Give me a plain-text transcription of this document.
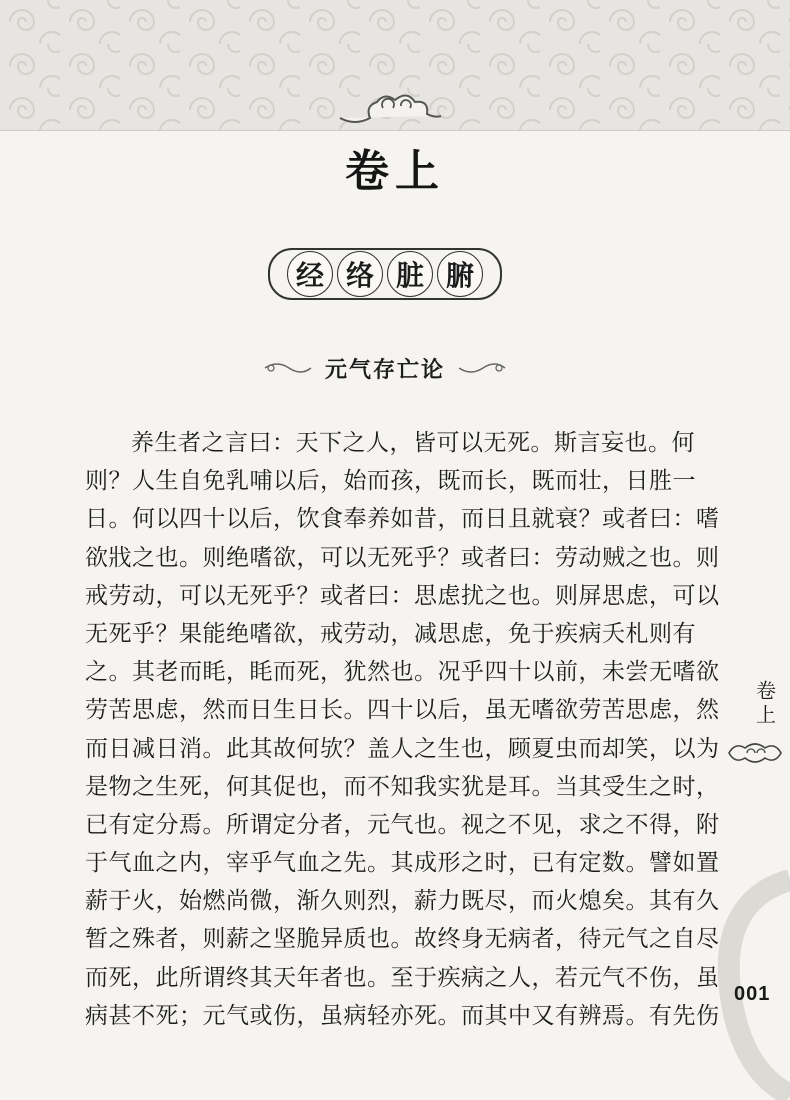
卷上
经 络 脏 腑
元气存亡论
养生者之言曰：天下之人，皆可以无死。斯言妄也。何
则？人生自免乳哺以后，始而孩，既而长，既而壮，日胜一
日。何以四十以后，饮食奉养如昔，而日且就衰？或者曰：嗜
欲戕之也。则绝嗜欲，可以无死乎？或者曰：劳动贼之也。则
戒劳动，可以无死乎？或者曰：思虑扰之也。则屏思虑，可以
无死乎？果能绝嗜欲，戒劳动，减思虑，免于疾病夭札则有
之。其老而眊，眊而死，犹然也。况乎四十以前，未尝无嗜欲
劳苦思虑，然而日生日长。四十以后，虽无嗜欲劳苦思虑，然
而日减日消。此其故何欤？盖人之生也，顾夏虫而却笑，以为
是物之生死，何其促也，而不知我实犹是耳。当其受生之时，
已有定分焉。所谓定分者，元气也。视之不见，求之不得，附
于气血之内，宰乎气血之先。其成形之时，已有定数。譬如置
薪于火，始燃尚微，渐久则烈，薪力既尽，而火熄矣。其有久
暂之殊者，则薪之坚脆异质也。故终身无病者，待元气之自尽
而死，此所谓终其天年者也。至于疾病之人，若元气不伤，虽
病甚不死；元气或伤，虽病轻亦死。而其中又有辨焉。有先伤
卷上
001
